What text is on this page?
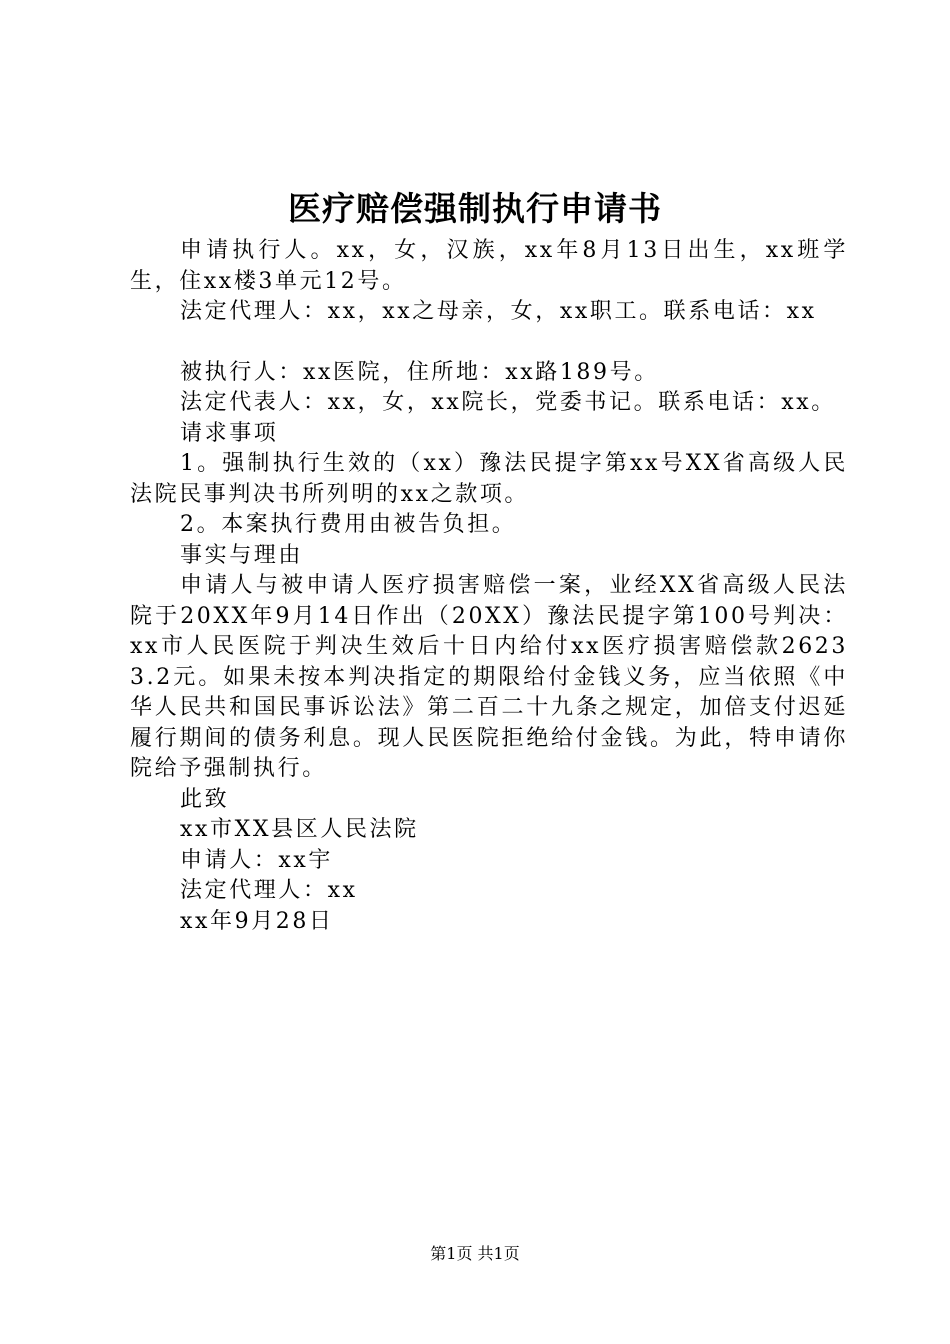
医疗赔偿强制执行申请书

申请执行人。xx，女，汉族，xx年8月13日出生，xx班学生，住xx楼3单元12号。

法定代理人：xx，xx之母亲，女，xx职工。联系电话：xx

被执行人：xx医院，住所地：xx路189号。

法定代表人：xx，女，xx院长，党委书记。联系电话：xx。

请求事项

1。强制执行生效的（xx）豫法民提字第xx号XX省高级人民法院民事判决书所列明的xx之款项。

2。本案执行费用由被告负担。

事实与理由

申请人与被申请人医疗损害赔偿一案，业经XX省高级人民法院于20XX年9月14日作出（20XX）豫法民提字第100号判决：xx市人民医院于判决生效后十日内给付xx医疗损害赔偿款26233.2元。如果未按本判决指定的期限给付金钱义务，应当依照《中华人民共和国民事诉讼法》第二百二十九条之规定，加倍支付迟延履行期间的债务利息。现人民医院拒绝给付金钱。为此，特申请你院给予强制执行。

此致

xx市XX县区人民法院

申请人：xx宇

法定代理人：xx

xx年9月28日

第1页 共1页
